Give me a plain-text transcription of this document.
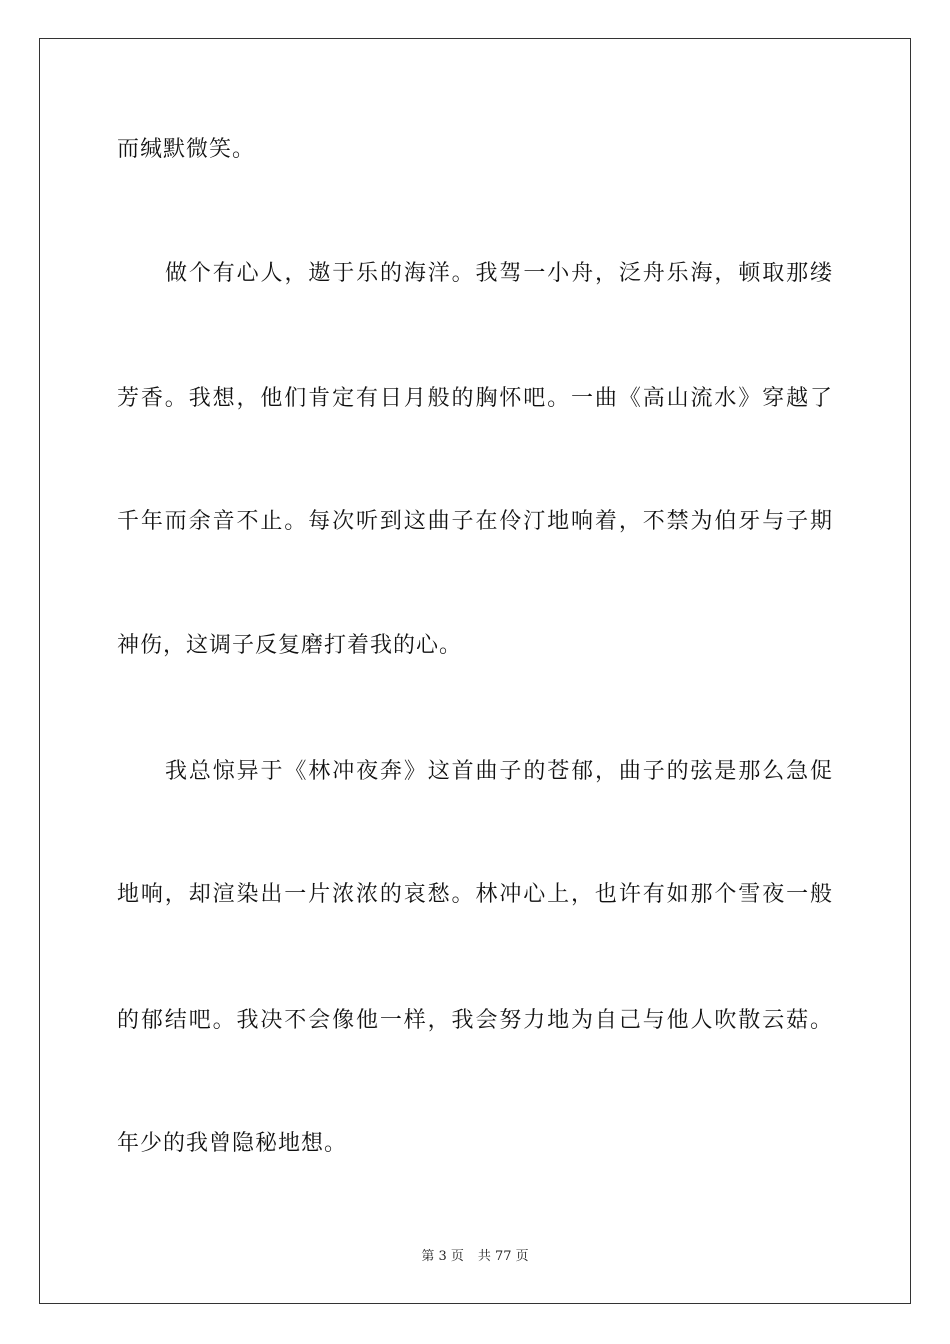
而缄默微笑。
做个有心人，遨于乐的海洋。我驾一小舟，泛舟乐海，顿取那缕
芳香。我想，他们肯定有日月般的胸怀吧。一曲《高山流水》穿越了
千年而余音不止。每次听到这曲子在伶汀地响着，不禁为伯牙与子期
神伤，这调子反复磨打着我的心。
我总惊异于《林冲夜奔》这首曲子的苍郁，曲子的弦是那么急促
地响，却渲染出一片浓浓的哀愁。林冲心上，也许有如那个雪夜一般
的郁结吧。我决不会像他一样，我会努力地为自己与他人吹散云菇。
年少的我曾隐秘地想。
第 3 页 共 77 页
